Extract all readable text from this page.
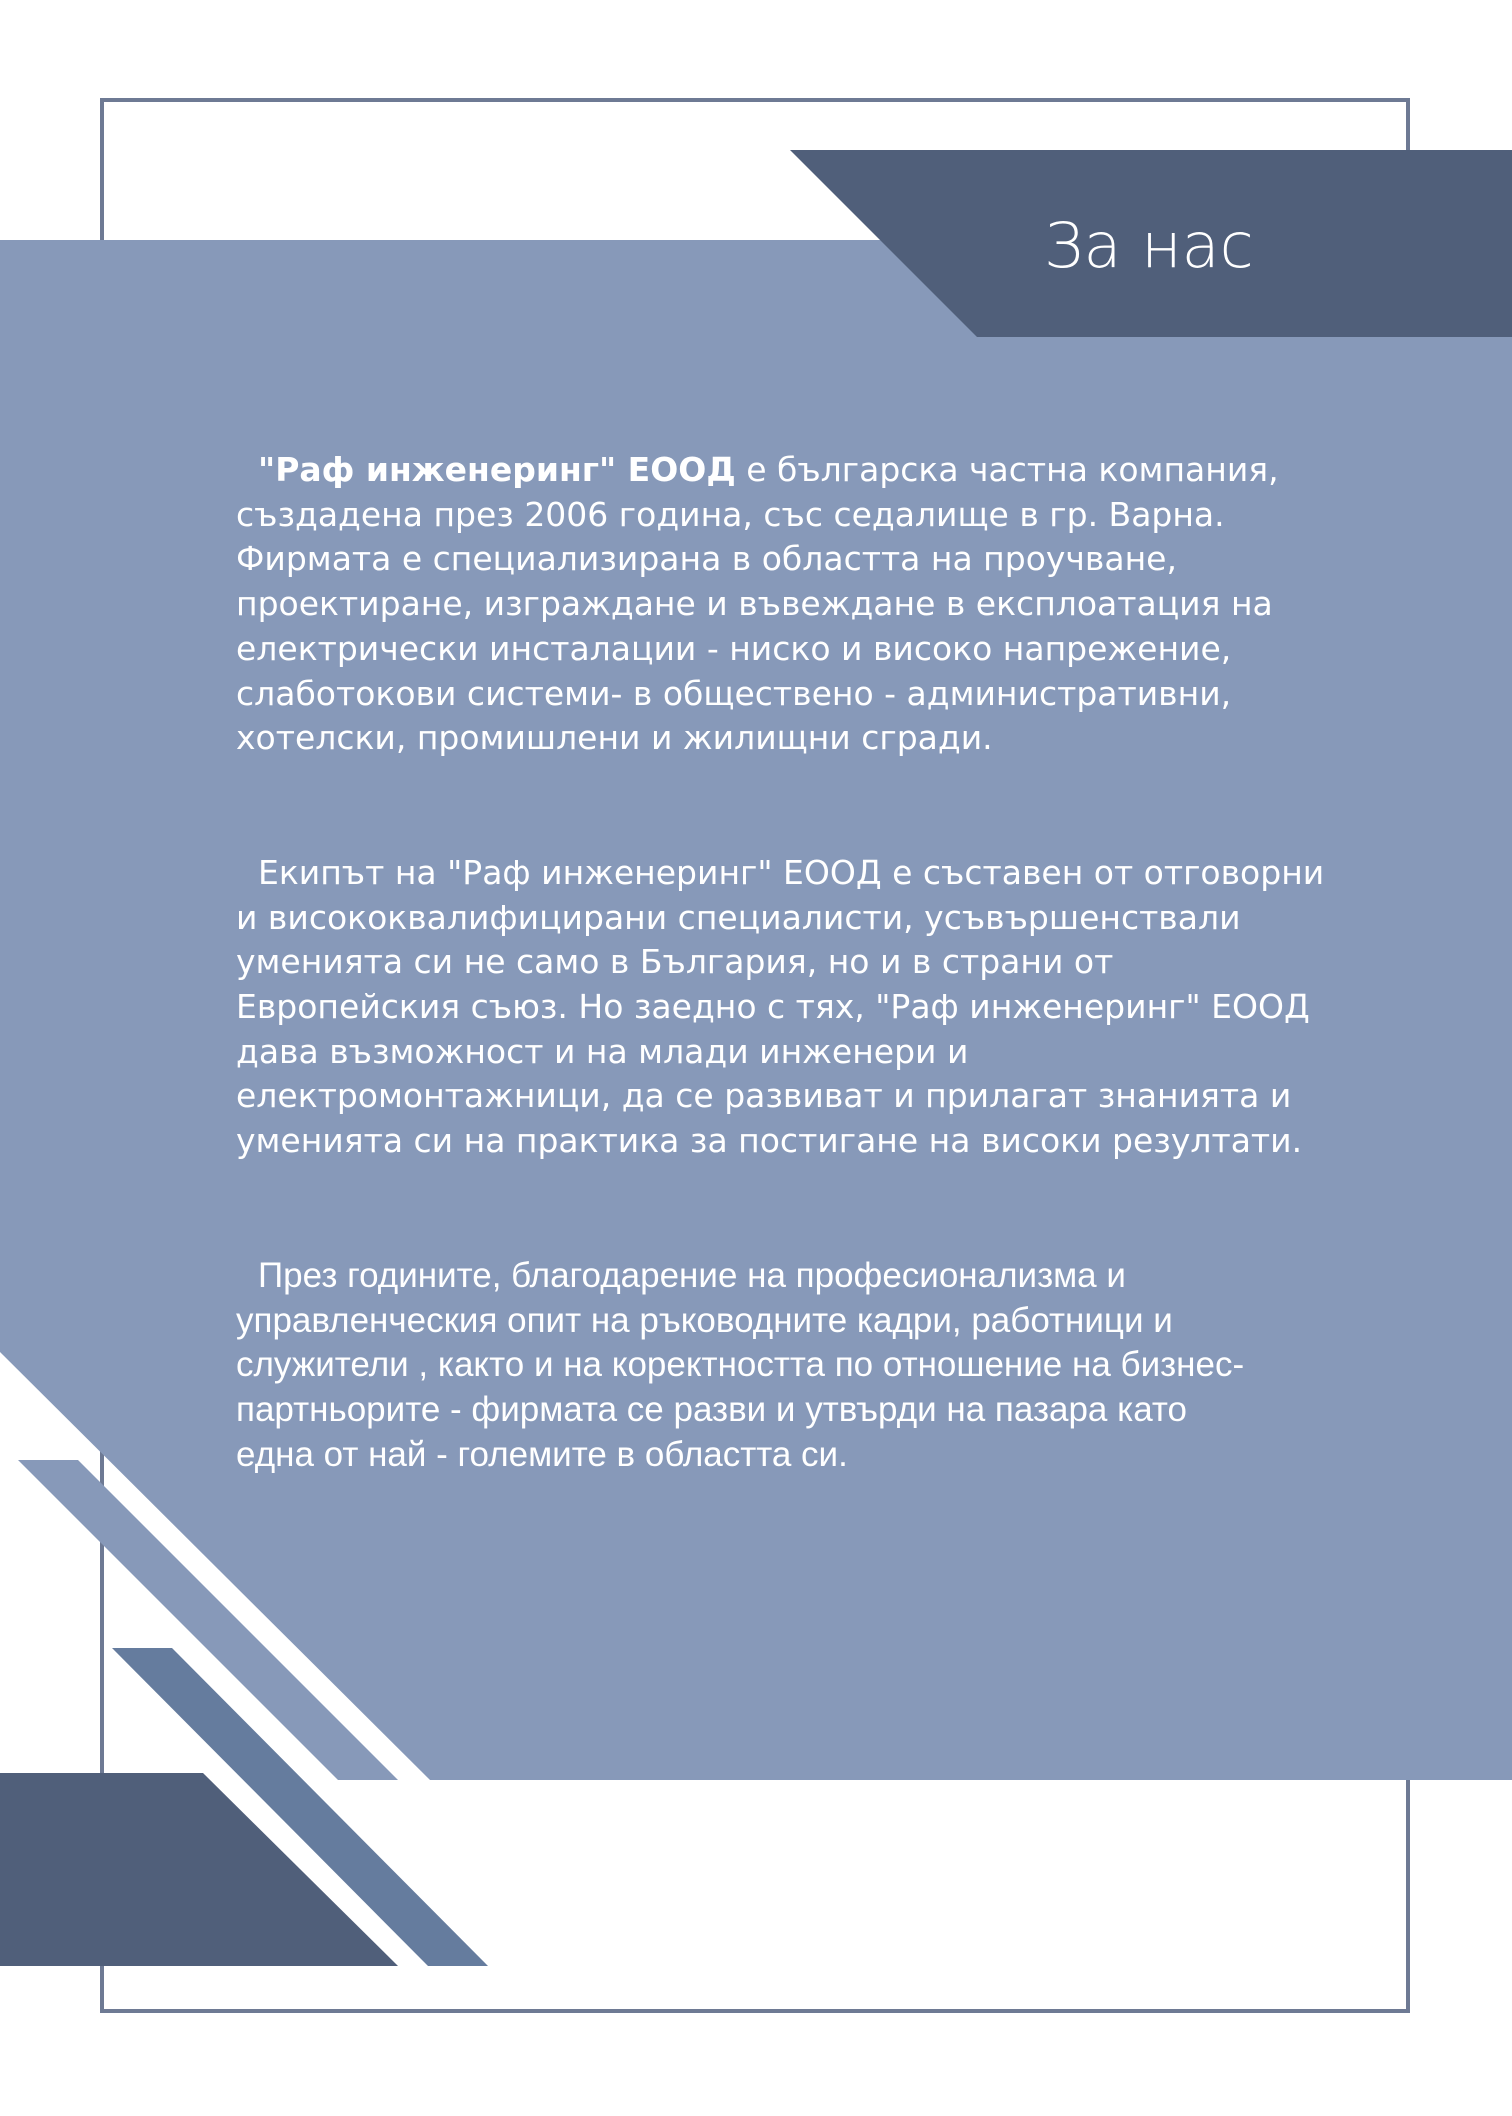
За нас

"Раф инженеринг" ЕООД е българска частна компания,
създадена през 2006 година, със седалище в гр. Варна.
Фирмата е специализирана в областта на проучване,
проектиране, изграждане и въвеждане в експлоатация на
електрически инсталации - ниско и високо напрежение,
слаботокови системи- в обществено - административни,
хотелски, промишлени и жилищни сгради.

Екипът на "Раф инженеринг" ЕООД е съставен от отговорни
и висококвалифицирани специалисти, усъвършенствали
уменията си не само в България, но и в страни от
Европейския съюз. Но заедно с тях, "Раф инженеринг" ЕООД
дава възможност и на млади инженери и
електромонтажници, да се развиват и прилагат знанията и
уменията си на практика за постигане на високи резултати.

През годините, благодарение на професионализма и
управленческия опит на ръководните кадри, работници и
служители , както и на коректността по отношение на бизнес-
партньорите - фирмата се разви и утвърди на пазара като
една от най - големите в областта си.
